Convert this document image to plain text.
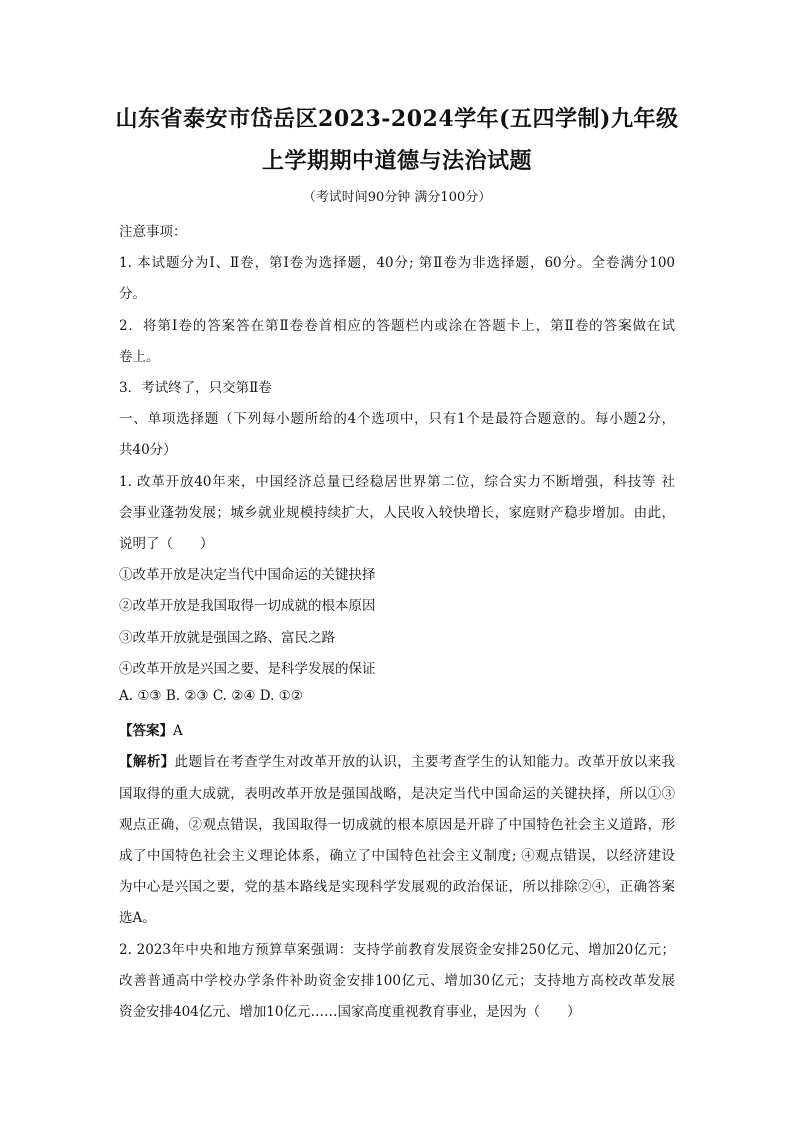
山东省泰安市岱岳区2023-2024学年(五四学制)九年级
上学期期中道德与法治试题
（考试时间90分钟 满分100分）
注意事项：
1. 本试题分为Ⅰ、Ⅱ卷，第Ⅰ卷为选择题，40分; 第Ⅱ卷为非选择题，60分。全卷满分100
分。
2．将第Ⅰ卷的答案答在第Ⅱ卷卷首相应的答题栏内或涂在答题卡上，第Ⅱ卷的答案做在试
卷上。
3．考试终了，只交第Ⅱ卷
一、单项选择题（下列每小题所给的4个选项中，只有1个是最符合题意的。每小题2分，
共40分）
1. 改革开放40年来，中国经济总量已经稳居世界第二位，综合实力不断增强，科技等 社
会事业蓬勃发展；城乡就业规模持续扩大，人民收入较快增长，家庭财产稳步增加。由此，
说明了（　　）
①改革开放是决定当代中国命运的关键抉择
②改革开放是我国取得一切成就的根本原因
③改革开放就是强国之路、富民之路
④改革开放是兴国之要、是科学发展的保证
A. ①③ B. ②③ C. ②④ D. ①②
【答案】A
【解析】此题旨在考查学生对改革开放的认识，主要考查学生的认知能力。改革开放以来我
国取得的重大成就，表明改革开放是强国战略，是决定当代中国命运的关键抉择，所以①③
观点正确，②观点错误，我国取得一切成就的根本原因是开辟了中国特色社会主义道路，形
成了中国特色社会主义理论体系，确立了中国特色社会主义制度; ④观点错误，以经济建设
为中心是兴国之要，党的基本路线是实现科学发展观的政治保证，所以排除②④，正确答案
选A。
2. 2023年中央和地方预算草案强调：支持学前教育发展资金安排250亿元、增加20亿元；
改善普通高中学校办学条件补助资金安排100亿元、增加30亿元；支持地方高校改革发展
资金安排404亿元、增加10亿元……国家高度重视教育事业，是因为（　　）
